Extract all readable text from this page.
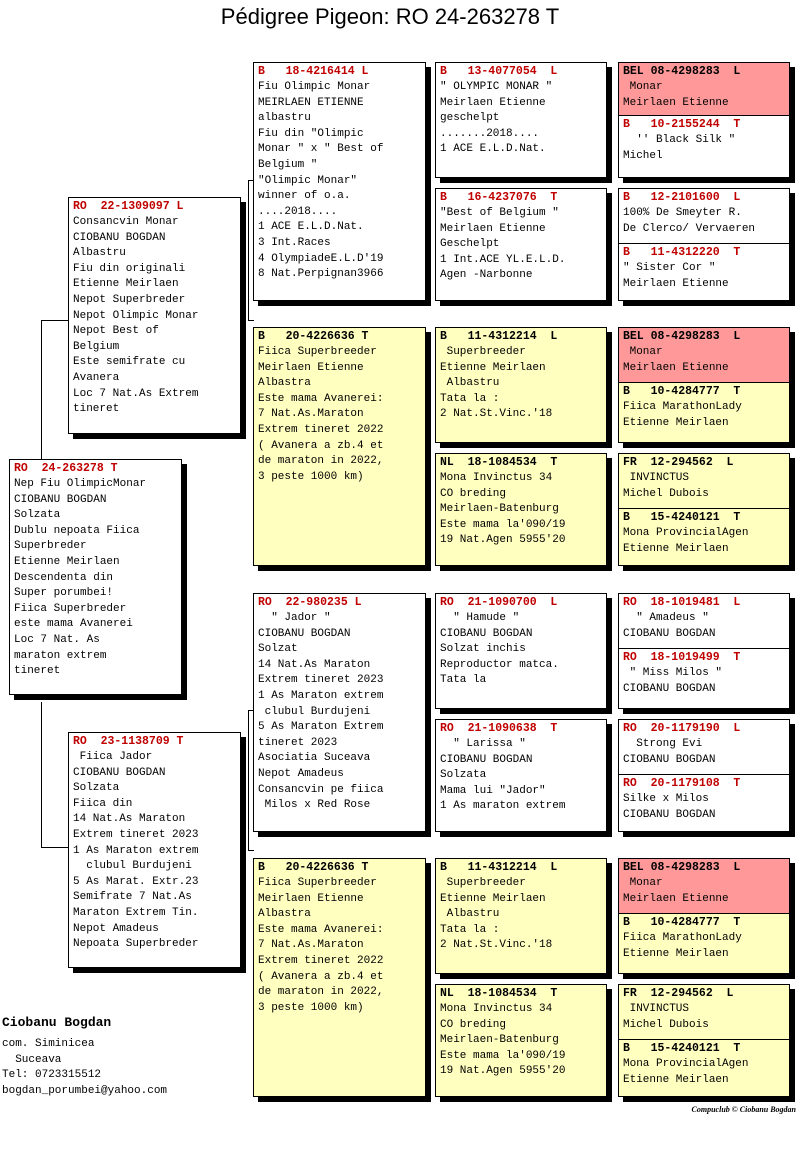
Pédigree Pigeon: RO 24-263278 T
RO  24-263278 T
Nep Fiu OlimpicMonar
CIOBANU BOGDAN
Solzata
Dublu nepoata Fiica
Superbreder
Etienne Meirlaen
Descendenta din
Super porumbei!
Fiica Superbreder
este mama Avanerei
Loc 7 Nat. As
maraton extrem
tineret
RO  22-1309097 L
Consancvin Monar
CIOBANU BOGDAN
Albastru
Fiu din originali
Etienne Meirlaen
Nepot Superbreder
Nepot Olimpic Monar
Nepot Best of
Belgium
Este semifrate cu
Avanera
Loc 7 Nat.As Extrem
tineret
RO  23-1138709 T
Fiica Jador
CIOBANU BOGDAN
Solzata
Fiica din
14 Nat.As Maraton
Extrem tineret 2023
1 As Maraton extrem
clubul Burdujeni
5 As Marat. Extr.23
Semifrate 7 Nat.As
Maraton Extrem Tin.
Nepot Amadeus
Nepoata Superbreder
B   18-4216414 L
Fiu Olimpic Monar
MEIRLAEN ETIENNE
albastru
Fiu din "Olimpic
Monar " x " Best of
Belgium "
"Olimpic Monar"
winner of o.a.
....2018....
1 ACE E.L.D.Nat.
3 Int.Races
4 OlympiadeE.L.D'19
8 Nat.Perpignan3966
B   20-4226636 T
Fiica Superbreeder
Meirlaen Etienne
Albastra
Este mama Avanerei:
7 Nat.As.Maraton
Extrem tineret 2022
( Avanera a zb.4 et
de maraton in 2022,
3 peste 1000 km)
RO  22-980235 L
" Jador "
CIOBANU BOGDAN
Solzat
14 Nat.As Maraton
Extrem tineret 2023
1 As Maraton extrem
clubul Burdujeni
5 As Maraton Extrem
tineret 2023
Asociatia Suceava
Nepot Amadeus
Consancvin pe fiica
Milos x Red Rose
B   20-4226636 T
Fiica Superbreeder
Meirlaen Etienne
Albastra
Este mama Avanerei:
7 Nat.As.Maraton
Extrem tineret 2022
( Avanera a zb.4 et
de maraton in 2022,
3 peste 1000 km)
B   13-4077054  L
" OLYMPIC MONAR "
Meirlaen Etienne
geschelpt
.......2018....
1 ACE E.L.D.Nat.
B   16-4237076  T
"Best of Belgium "
Meirlaen Etienne
Geschelpt
1 Int.ACE YL.E.L.D.
Agen -Narbonne
B   11-4312214  L
Superbreeder
Etienne Meirlaen
Albastru
Tata la :
2 Nat.St.Vinc.'18
NL  18-1084534  T
Mona Invinctus 34
CO breding
Meirlaen-Batenburg
Este mama la'090/19
19 Nat.Agen 5955'20
RO  21-1090700  L
" Hamude "
CIOBANU BOGDAN
Solzat inchis
Reproductor matca.
Tata la
RO  21-1090638  T
" Larissa "
CIOBANU BOGDAN
Solzata
Mama lui "Jador"
1 As maraton extrem
B   11-4312214  L
Superbreeder
Etienne Meirlaen
Albastru
Tata la :
2 Nat.St.Vinc.'18
NL  18-1084534  T
Mona Invinctus 34
CO breding
Meirlaen-Batenburg
Este mama la'090/19
19 Nat.Agen 5955'20
BEL 08-4298283  L
Monar
Meirlaen Etienne
B   10-2155244  T
'' Black Silk "
Michel
B   12-2101600  L
100% De Smeyter R.
De Clerco/ Vervaeren
B   11-4312220  T
" Sister Cor "
Meirlaen Etienne
BEL 08-4298283  L
Monar
Meirlaen Etienne
B   10-4284777  T
Fiica MarathonLady
Etienne Meirlaen
FR  12-294562  L
INVINCTUS
Michel Dubois
B   15-4240121  T
Mona ProvincialAgen
Etienne Meirlaen
RO  18-1019481  L
" Amadeus "
CIOBANU BOGDAN
RO  18-1019499  T
" Miss Milos "
CIOBANU BOGDAN
RO  20-1179190  L
Strong Evi
CIOBANU BOGDAN
RO  20-1179108  T
Silke x Milos
CIOBANU BOGDAN
BEL 08-4298283  L
Monar
Meirlaen Etienne
B   10-4284777  T
Fiica MarathonLady
Etienne Meirlaen
FR  12-294562  L
INVINCTUS
Michel Dubois
B   15-4240121  T
Mona ProvincialAgen
Etienne Meirlaen
Ciobanu Bogdan
com. Siminicea
Suceava
Tel: 0723315512
bogdan_porumbei@yahoo.com
Compuclub © Ciobanu Bogdan
